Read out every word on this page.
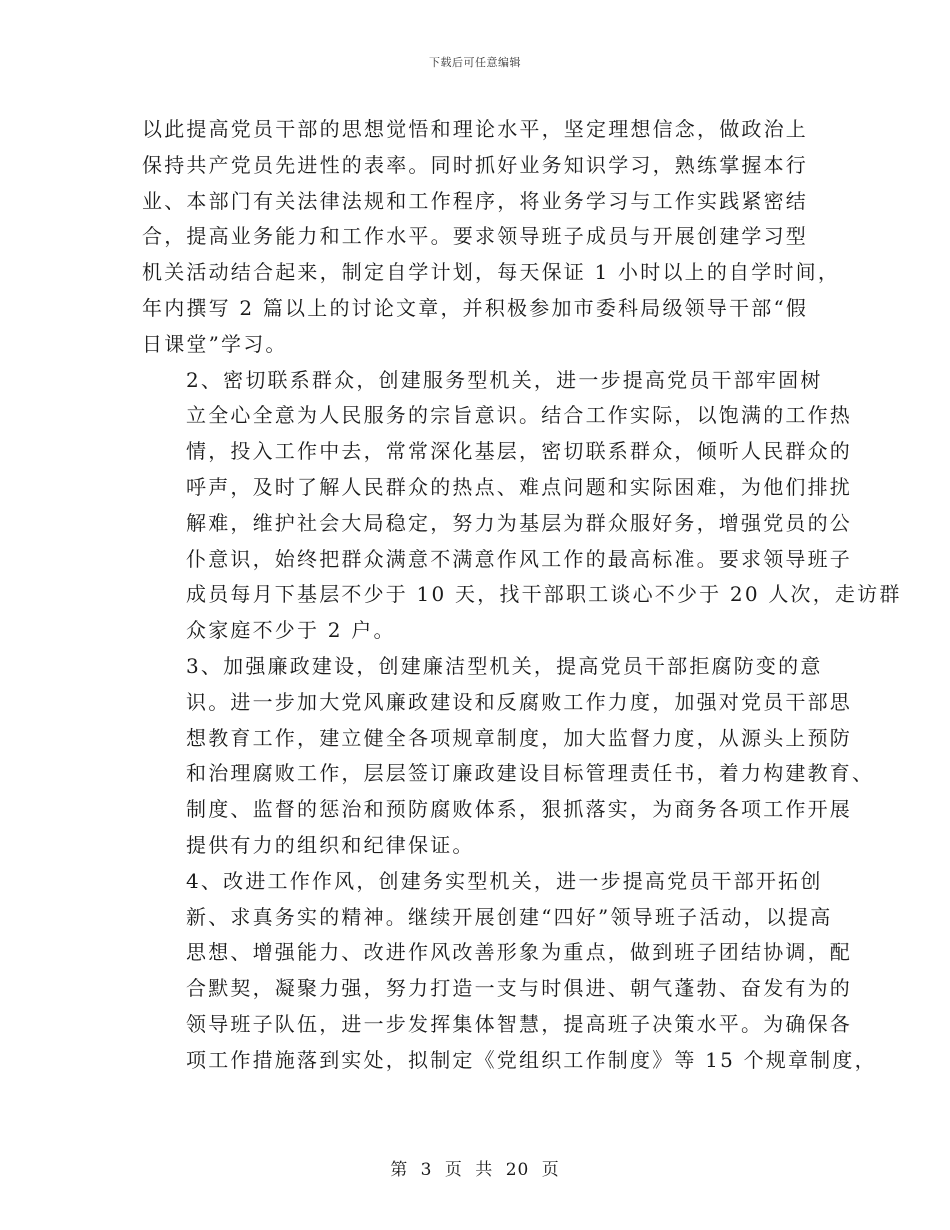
下载后可任意编辑

以此提高党员干部的思想觉悟和理论水平，坚定理想信念，做政治上
保持共产党员先进性的表率。同时抓好业务知识学习，熟练掌握本行
业、本部门有关法律法规和工作程序，将业务学习与工作实践紧密结
合，提高业务能力和工作水平。要求领导班子成员与开展创建学习型
机关活动结合起来，制定自学计划，每天保证 1 小时以上的自学时间，
年内撰写 2 篇以上的讨论文章，并积极参加市委科局级领导干部“假
日课堂”学习。

2、密切联系群众，创建服务型机关，进一步提高党员干部牢固树
立全心全意为人民服务的宗旨意识。结合工作实际，以饱满的工作热
情，投入工作中去，常常深化基层，密切联系群众，倾听人民群众的
呼声，及时了解人民群众的热点、难点问题和实际困难，为他们排扰
解难，维护社会大局稳定，努力为基层为群众服好务，增强党员的公
仆意识，始终把群众满意不满意作风工作的最高标准。要求领导班子
成员每月下基层不少于 10 天，找干部职工谈心不少于 20 人次，走访群
众家庭不少于 2 户。

3、加强廉政建设，创建廉洁型机关，提高党员干部拒腐防变的意
识。进一步加大党风廉政建设和反腐败工作力度，加强对党员干部思
想教育工作，建立健全各项规章制度，加大监督力度，从源头上预防
和治理腐败工作，层层签订廉政建设目标管理责任书，着力构建教育、
制度、监督的惩治和预防腐败体系，狠抓落实，为商务各项工作开展
提供有力的组织和纪律保证。

4、改进工作作风，创建务实型机关，进一步提高党员干部开拓创
新、求真务实的精神。继续开展创建“四好”领导班子活动，以提高
思想、增强能力、改进作风改善形象为重点，做到班子团结协调，配
合默契，凝聚力强，努力打造一支与时俱进、朝气蓬勃、奋发有为的
领导班子队伍，进一步发挥集体智慧，提高班子决策水平。为确保各
项工作措施落到实处，拟制定《党组织工作制度》等 15 个规章制度，

第 3 页 共 20 页
